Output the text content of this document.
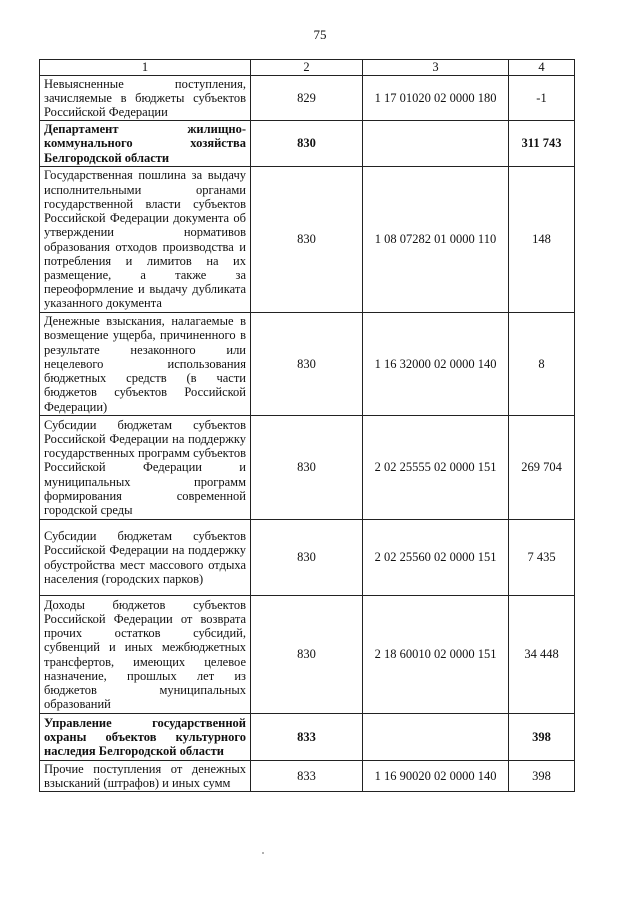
75
1	2	3	4
Невыясненные поступления, зачисляемые в бюджеты субъектов Российской Федерации	829	1 17 01020 02 0000 180	-1
Департамент жилищно-коммунального хозяйства Белгородской области	830		311 743
Государственная пошлина за выдачу исполнительными органами государственной власти субъектов Российской Федерации документа об утверждении нормативов образования отходов производства и потребления и лимитов на их размещение, а также за переоформление и выдачу дубликата указанного документа	830	1 08 07282 01 0000 110	148
Денежные взыскания, налагаемые в возмещение ущерба, причиненного в результате незаконного или нецелевого использования бюджетных средств (в части бюджетов субъектов Российской Федерации)	830	1 16 32000 02 0000 140	8
Субсидии бюджетам субъектов Российской Федерации на поддержку государственных программ субъектов Российской Федерации и муниципальных программ формирования современной городской среды	830	2 02 25555 02 0000 151	269 704
Субсидии бюджетам субъектов Российской Федерации на поддержку обустройства мест массового отдыха населения (городских парков)	830	2 02 25560 02 0000 151	7 435
Доходы бюджетов субъектов Российской Федерации от возврата прочих остатков субсидий, субвенций и иных межбюджетных трансфертов, имеющих целевое назначение, прошлых лет из бюджетов муниципальных образований	830	2 18 60010 02 0000 151	34 448
Управление государственной охраны объектов культурного наследия Белгородской области	833		398
Прочие поступления от денежных взысканий (штрафов) и иных сумм	833	1 16 90020 02 0000 140	398
